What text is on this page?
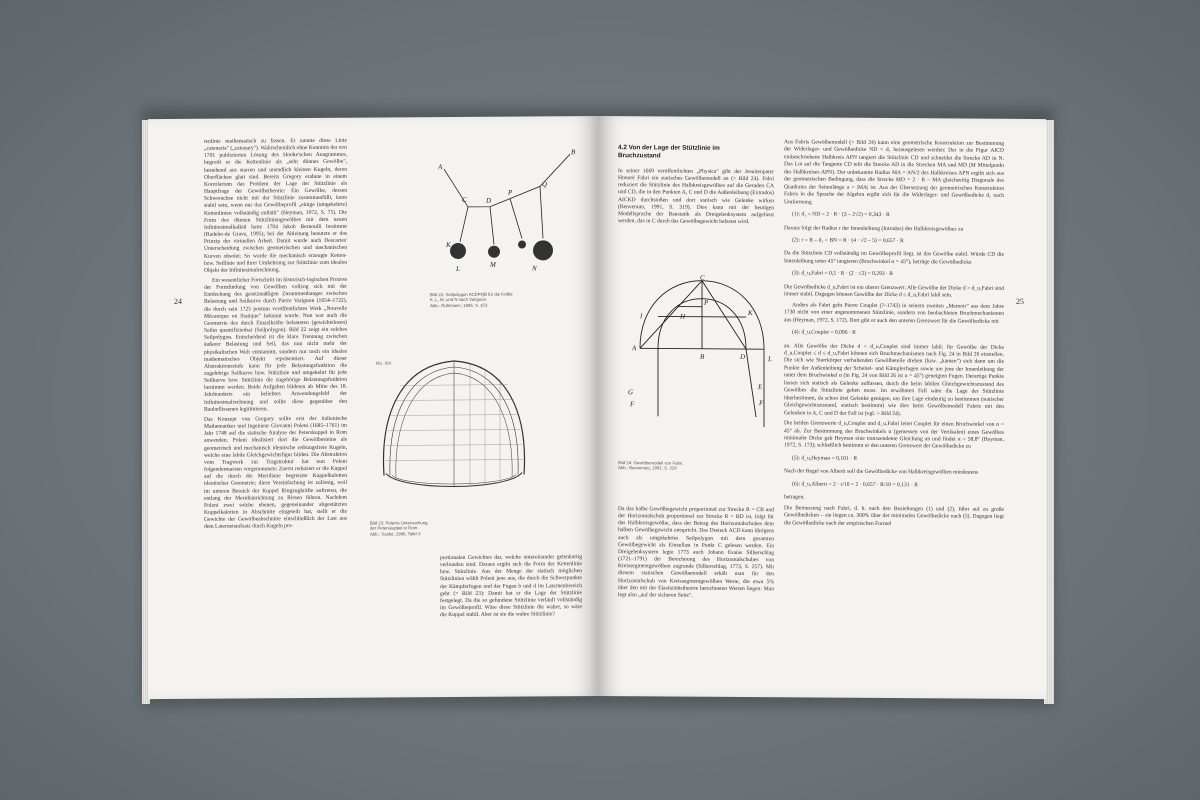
24

tenlinie mathematisch zu fassen. Er nannte diese Linie „catenaria" („catenary"). Wahrscheinlich ohne Kenntnis der erst 1701 publizierten Lösung des Hooke'schen Anagrammes, begreift er die Kettenlinie als „sehr dünnes Gewölbe", bestehend aus starren und unendlich kleinen Kugeln, deren Oberflächen glatt sind. Bereits Gregory erahnte in einem Korrolarium das Problem der Lage der Stützlinie als Hauptfrage der Gewölbetheorie: Ein Gewölbe, dessen Schwerachse nicht mit der Stützlinie zusammenfällt, kann stabil sein, wenn nur das Gewölbeprofil „einige (umgekehrte) Kettenlinien vollständig enthält" (Heyman, 1972, S. 75). Die Form des dünnen Stützliniengewölbes mit dem neuen Infinitesimalkalkül hatte 1704 Jakob Bernoulli bestimmt (Radelet-de Grave, 1995); bei der Ableitung benutzte er das Prinzip der virtuellen Arbeit. Damit wurde auch Descartes' Unterscheidung zwischen geometrischen und mechanischen Kurven obsolet: So wurde die mechanisch erzeugte Ketten- bzw. Seillinie und ihrer Umkehrung zur Stützlinie zum idealen Objekt der Infinitesimalrechnung.

Ein wesentlicher Fortschritt im historisch-logischen Prozess der Formfindung von Gewölben vollzog sich mit der Entdeckung des gesetzmäßigen Zusammenhanges zwischen Belastung und Seilkurve durch Pierre Varignon (1654–1722), die durch sein 1725 postum veröffentlichtes Werk „Nouvelle Mécanique ou Statique" bekannt wurde. Nun war auch die Geometrie des durch Einzelkräfte belasteten (gewichtslosen) Seiles quantifizierbar (Seilpolygon). Bild 22 zeigt ein solches Seilpolygon. Entscheidend ist die klare Trennung zwischen äußerer Belastung und Seil, das nun nicht mehr der physikalischen Welt entstammt, sondern nur noch ein ideales mathematisches Objekt repräsentiert. Auf dieser Abstraktionsstufe kann für jede Belastungsfunktion die zugehörige Seilkurve bzw. Stützlinie und umgekehrt für jede Seilkurve bzw. Stützlinie die zugehörige Belastungsfunktion bestimmt werden. Beide Aufgaben bildeten ab Mitte des 18. Jahrhunderts ein beliebtes Anwendungsfeld der Infinitesimalrechnung und sollte diese gegenüber den Baubeflissenen legitimieren.

Das Konzept von Gregory sollte erst der italienische Mathematiker und Ingenieur Giovanni Poleni (1685–1761) im Jahr 1748 auf die statische Analyse der Peterskuppel in Rom anwenden. Poleni idealisiert dort die Gewölbesteine als geometrisch und mechanisch identische reibungsfreie Kugeln, welche eine labile Gleichgewichtsfigur bilden. Die Abstraktion vom Tragwerk zur Tragstruktur hat nun Poleni folgendermassen vorgenommen: Zuerst reduziert er die Kuppel auf die durch die Meridiane begrenzte Kuppelkalotten identischer Geometrie; diese Vereinfachung ist zulässig, weil im unteren Bereich der Kuppel Ringzugkräfte auftreten, die entlang der Meridianrichtung zu Rissen führen. Nachdem Poleni zwei solche ebenen, gegeneinander abgestützten Kuppelkalotten in Abschnitte eingeteilt hat, stellt er die Gewichte der Gewölbeabschnitte einschließlich der Last aus dem Laternenaufsatz durch Kugeln pro-

A
B
C	D
P
Q
K
L
M	N
Bild 22: Seilpolygon ACDPQB für die Kräfte
K, L, M, und N nach Varignon.
Abb.: Rühlmann, 1885, S. 472
FIG. XIV.
Bild 23: Polenis Untersuchung
der Peterskuppel in Rom.
Abb.: Szabó, 1996, Tafel X

portionalen Gewichtes dar, welche untereinander gelenkartig verbunden sind. Daraus ergibt sich die Form der Kettenlinie bzw. Stützlinie. Aus der Menge der statisch möglichen Stützlinien wählt Poleni jene aus, die durch die Schwerpunkte der Kämpferfugen und der Fugen b und d im Laternenbereich geht (> Bild 23): Damit hat er die Lage der Stützlinie festgelegt. Da die so gefundene Stützlinie verläuft vollständig im Gewölbeprofil. Wäre diese Stützlinie die wahre, so wäre die Kuppel stabil. Aber ist sie die wahre Stützlinie?

25
4.2 Von der Lage der Stützlinie im
Bruchzustand

In seiner 1669 veröffentlichten „Physica" gibt der Jesuitenpater Honoré Fabri ein statisches Gewölbemodell an (> Bild 24). Fabri reduziert die Stützlinie des Halbkreisgewölbes auf die Geraden CA und CD, die in den Punkten A, C und D die Außenleibung (Extrados) AICKD durchstoßen und dort statisch wie Gelenke wirken (Benvenuto, 1991, S. 319). Dies kann mit der heutigen Modellsprache der Baustatik als Dreigelenksystem aufgefasst werden, das in C durch das Gewölbegewicht belastet wird.

A
B
C
D
E
F
G
H
I	K
L
P
F
Bild 24: Gewölbemodell von Fabri.
Abb.: Benvenuto, 1991, S. 319

Da das halbe Gewölbegewicht proportional zur Strecke R = CB und der Horizontalschub proportional zur Strecke R = BD ist, folgt für das Halbkreisgewölbe, dass der Betrag des Horizontalschubes dem halben Gewölbegewicht entspricht. Das Dreieck ACD kann übrigens auch als umgekehrtes Seilpolygon mit dem gesamten Gewölbegewicht als Einzellast in Punkt C gelesen werden. Ein Dreigelenksystem legte 1773 auch Johann Esaias Silberschlag (1721–1791) der Berechnung des Horizontalschubes von Kreissegmentgewölben zugrunde (Silberschlag, 1773, S. 257). Mit diesem statischen Gewölbemodell erhält man für den Horizontalschub von Kreissegmentgewölben Werte, die etwa 5% über den mit der Elastizitätstheorie berechneten Werten liegen: Man legt also „auf der sicheren Seite".

Aus Fabris Gewölbemodell (> Bild 24) kann eine geometrische Konstruktion zur Bestimmung der Widerlager- und Gewölbedicke ND = d₁ herausgelesen werden: Der in die Figur AICD einbeschriebene Halbkreis APN tangiert die Stützlinie CD und schneidet die Strecke AD in N. Das Lot auf die Tangente CD teilt die Strecke AD in die Strecken MA und MD (M Mittelpunkt des Halbkreises APN). Der unbekannte Radius MA = AN/2 des Halbkreises APN ergibt sich aus der geometrischen Bedingung, dass die Strecke MD = 2 · R – MA gleichzeitig Diagonale des Quadrates der Seitenlänge a = |MA| ist. Aus der Übersetzung der geometrischen Konstruktion Fabris in die Sprache der Algebra ergibt sich für die Widerlager- und Gewölbedicke d₁ nach Umformung

(1): d₁ = ND = 2 · R · (3 – 2√2) = 0,343 · R

Daraus folgt der Radius r der Innenleibung (Intrados) des Halbkreisgewölbes zu

(2): r = R – d₁ = BN = R · (4 · √2 – 5) = 0,657 · R

Da die Stützlinie CD vollständig im Gewölbeprofil liegt, ist das Gewölbe stabil. Würde CD die Innenleibung unter 45° tangieren (Bruchwinkel α = 45°), betrüge die Gewölbedicke

(3): d_u,Fabri = 0,5 · R · (2 · √2) = 0,293 · R

Die Gewölbedicke d_u,Fabri ist ein oberer Grenzwert: Alle Gewölbe der Dicke d > d_u,Fabri sind immer stabil. Dagegen können Gewölbe der Dicke d ≤ d_u,Fabri labil sein.

Anders als Fabri geht Pierre Couplet (?–1743) in seinem zweiten „Memoir" aus dem Jahre 1730 nicht von einer angenommenen Stützlinie, sondern von beobachteten Bruchmechanismen aus (Heyman, 1972, S. 172). Dort gibt er auch den unteren Grenzwert für die Gewölbedicke mit

(4): d_u,Couplet = 0,096 · R

an. Alle Gewölbe der Dicke d < d_u,Couplet sind immer labil; für Gewölbe der Dicke d_u,Couplet ≤ d ≤ d_u,Fabri können sich Bruchmechanismen nach Fig. 24 in Bild 26 einstellen. Die sich wie Starrkörper verhaltenden Gewölbeteile drehen (bzw. „kanten") sich dann um die Punkte der Außenleibung der Scheitel- und Kämpferfugen sowie um jene der Innenleibung der unter dem Bruchwinkel α (in Fig. 24 von Bild 26 ist α = 45°) geneigten Fugen. Derartige Punkte lassen sich statisch als Gelenke auffassen, durch die beim labilen Gleichgewichtszustand des Gewölbes die Stützlinie gehen muss. Im erwähnten Fall wäre die Lage der Stützlinie überbestimmt, da schon drei Gelenke genügen, um ihre Lage eindeutig zu bestimmen (statischer Gleichgewichtszustand, statisch bestimmt) wie dies beim Gewölbemodell Fabris mit den Gelenken in A, C und D der Fall ist (vgl. > Bild 24).

Die beiden Grenzwerte d_u,Couplet und d_u,Fabri leitet Couplet für einen Bruchwinkel von α = 45° ab. Zur Bestimmung des Bruchwinkels α (gemessen von der Vertikalen) eines Gewölbes minimaler Dicke gab Heyman eine transzendente Gleichung an und findet α = 58,8° (Heyman, 1972, S. 173); schließlich bestimmt er den unteren Grenzwert der Gewölbedicke zu

(5): d_u,Heyman = 0,101 · R

Nach der Regel von Alberti soll die Gewölbedicke von Halbkreisgewölben mindestens

(6): d_u,Alberti = 2 · r/10 = 2 · 0,657 · R/10 = 0,131 · R

betragen.

Die Bemessung nach Fabri, d. h. nach den Beziehungen (1) und (2), führt auf zu große Gewölbedicken – sie liegen ca. 300% über der minimalen Gewölbedicke nach (5). Dagegen liegt die Gewölbedicke nach der empirischen Formel
